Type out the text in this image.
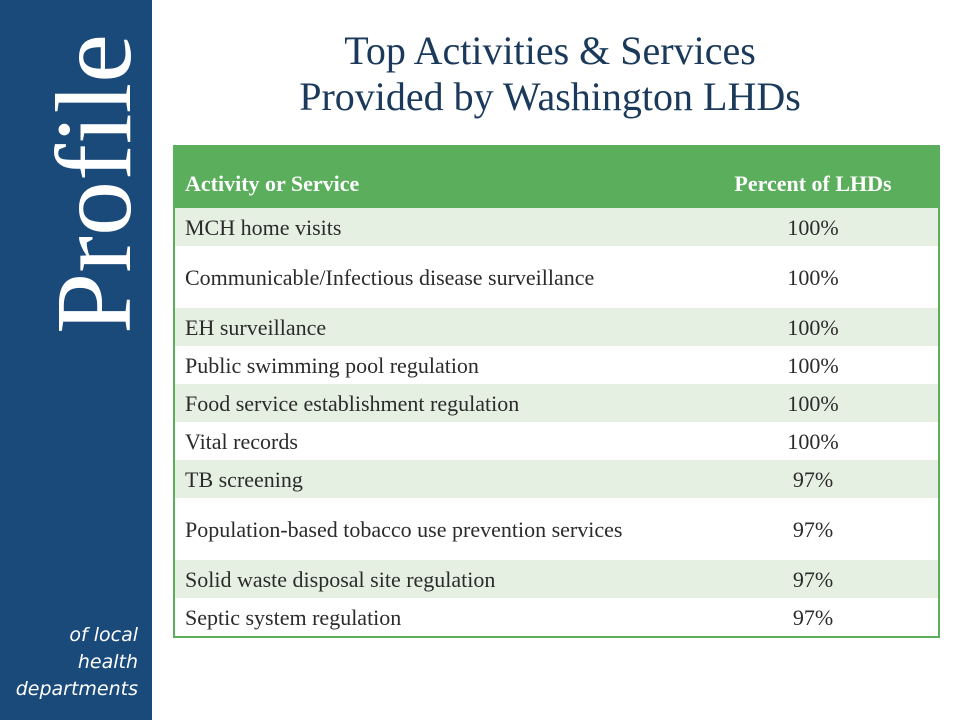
Profile
of local
health
departments
Top Activities & Services
Provided by Washington LHDs
Activity or Service	Percent of LHDs
MCH home visits	100%
Communicable/Infectious disease surveillance	100%
EH surveillance	100%
Public swimming pool regulation	100%
Food service establishment regulation	100%
Vital records	100%
TB screening	97%
Population-based tobacco use prevention services	97%
Solid waste disposal site regulation	97%
Septic system regulation	97%
